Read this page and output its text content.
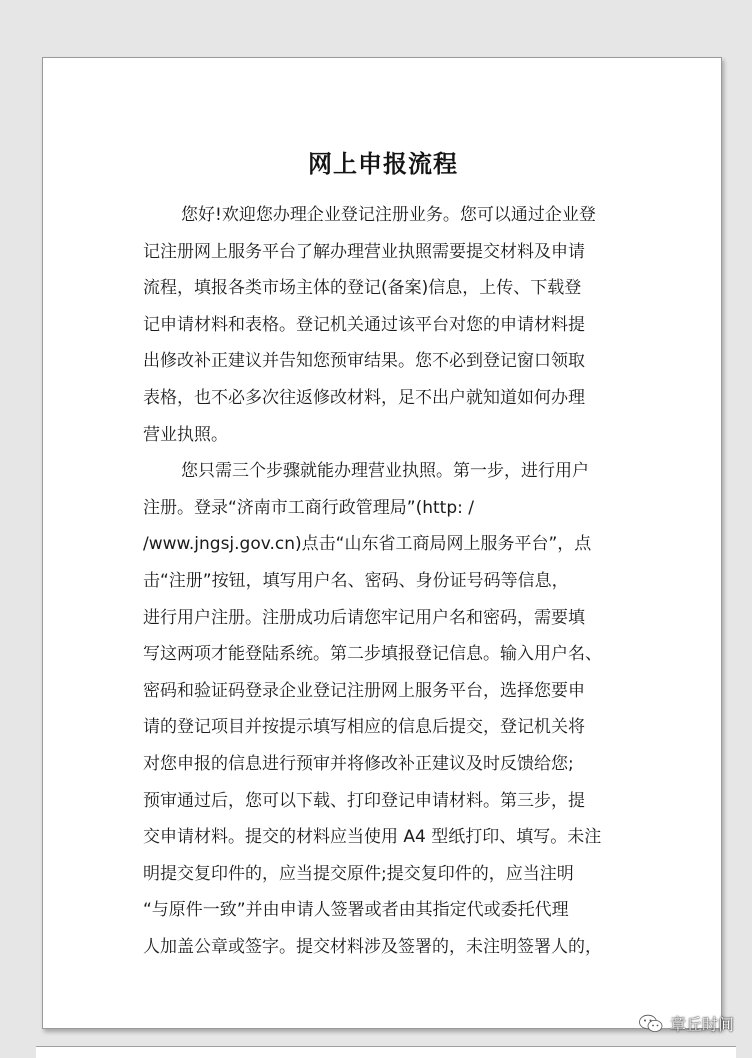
网上申报流程
您好!欢迎您办理企业登记注册业务。您可以通过企业登
记注册网上服务平台了解办理营业执照需要提交材料及申请
流程，填报各类市场主体的登记(备案)信息，上传、下载登
记申请材料和表格。登记机关通过该平台对您的申请材料提
出修改补正建议并告知您预审结果。您不必到登记窗口领取
表格，也不必多次往返修改材料，足不出户就知道如何办理
营业执照。
您只需三个步骤就能办理营业执照。第一步，进行用户
注册。登录“济南市工商行政管理局”(http: /
/www.jngsj.gov.cn)点击“山东省工商局网上服务平台”，点
击“注册”按钮，填写用户名、密码、身份证号码等信息，
进行用户注册。注册成功后请您牢记用户名和密码，需要填
写这两项才能登陆系统。第二步填报登记信息。输入用户名、
密码和验证码登录企业登记注册网上服务平台，选择您要申
请的登记项目并按提示填写相应的信息后提交，登记机关将
对您申报的信息进行预审并将修改补正建议及时反馈给您;
预审通过后，您可以下载、打印登记申请材料。第三步，提
交申请材料。提交的材料应当使用 A4 型纸打印、填写。未注
明提交复印件的，应当提交原件;提交复印件的，应当注明
“与原件一致”并由申请人签署或者由其指定代或委托代理
人加盖公章或签字。提交材料涉及签署的，未注明签署人的，
章丘时间
